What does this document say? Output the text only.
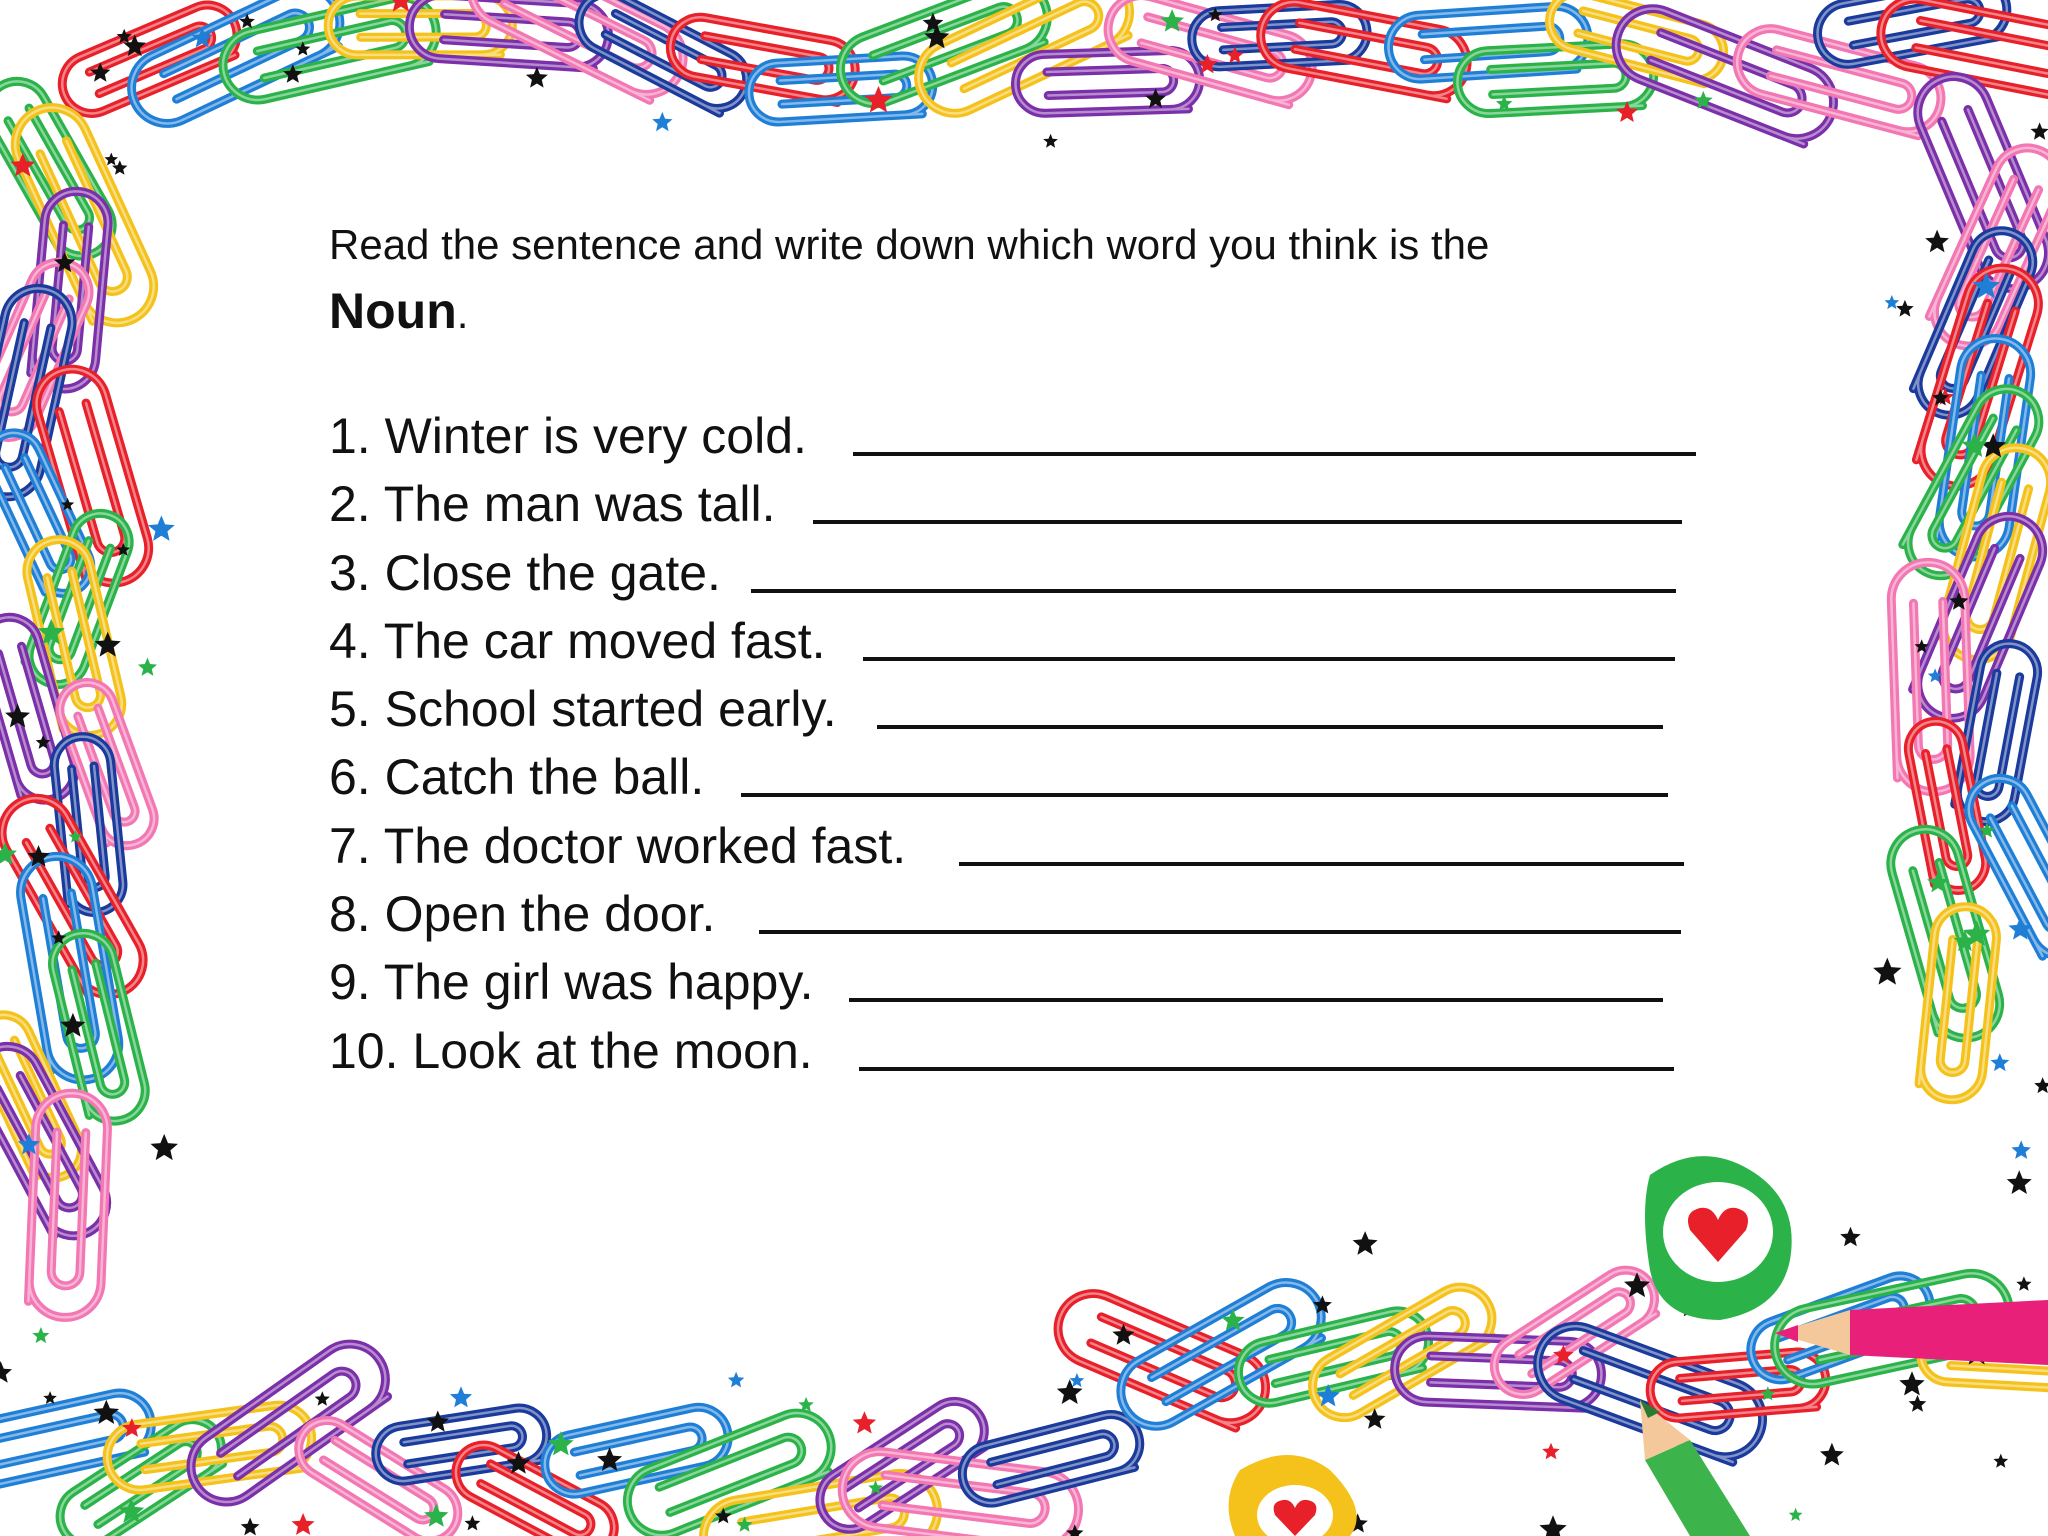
Read the sentence and write down which word you think is the
Noun.

1. Winter is very cold.
2. The man was tall.
3. Close the gate.
4. The car moved fast.
5. School started early.
6. Catch the ball.
7. The doctor worked fast.
8. Open the door.
9. The girl was happy.
10. Look at the moon.
